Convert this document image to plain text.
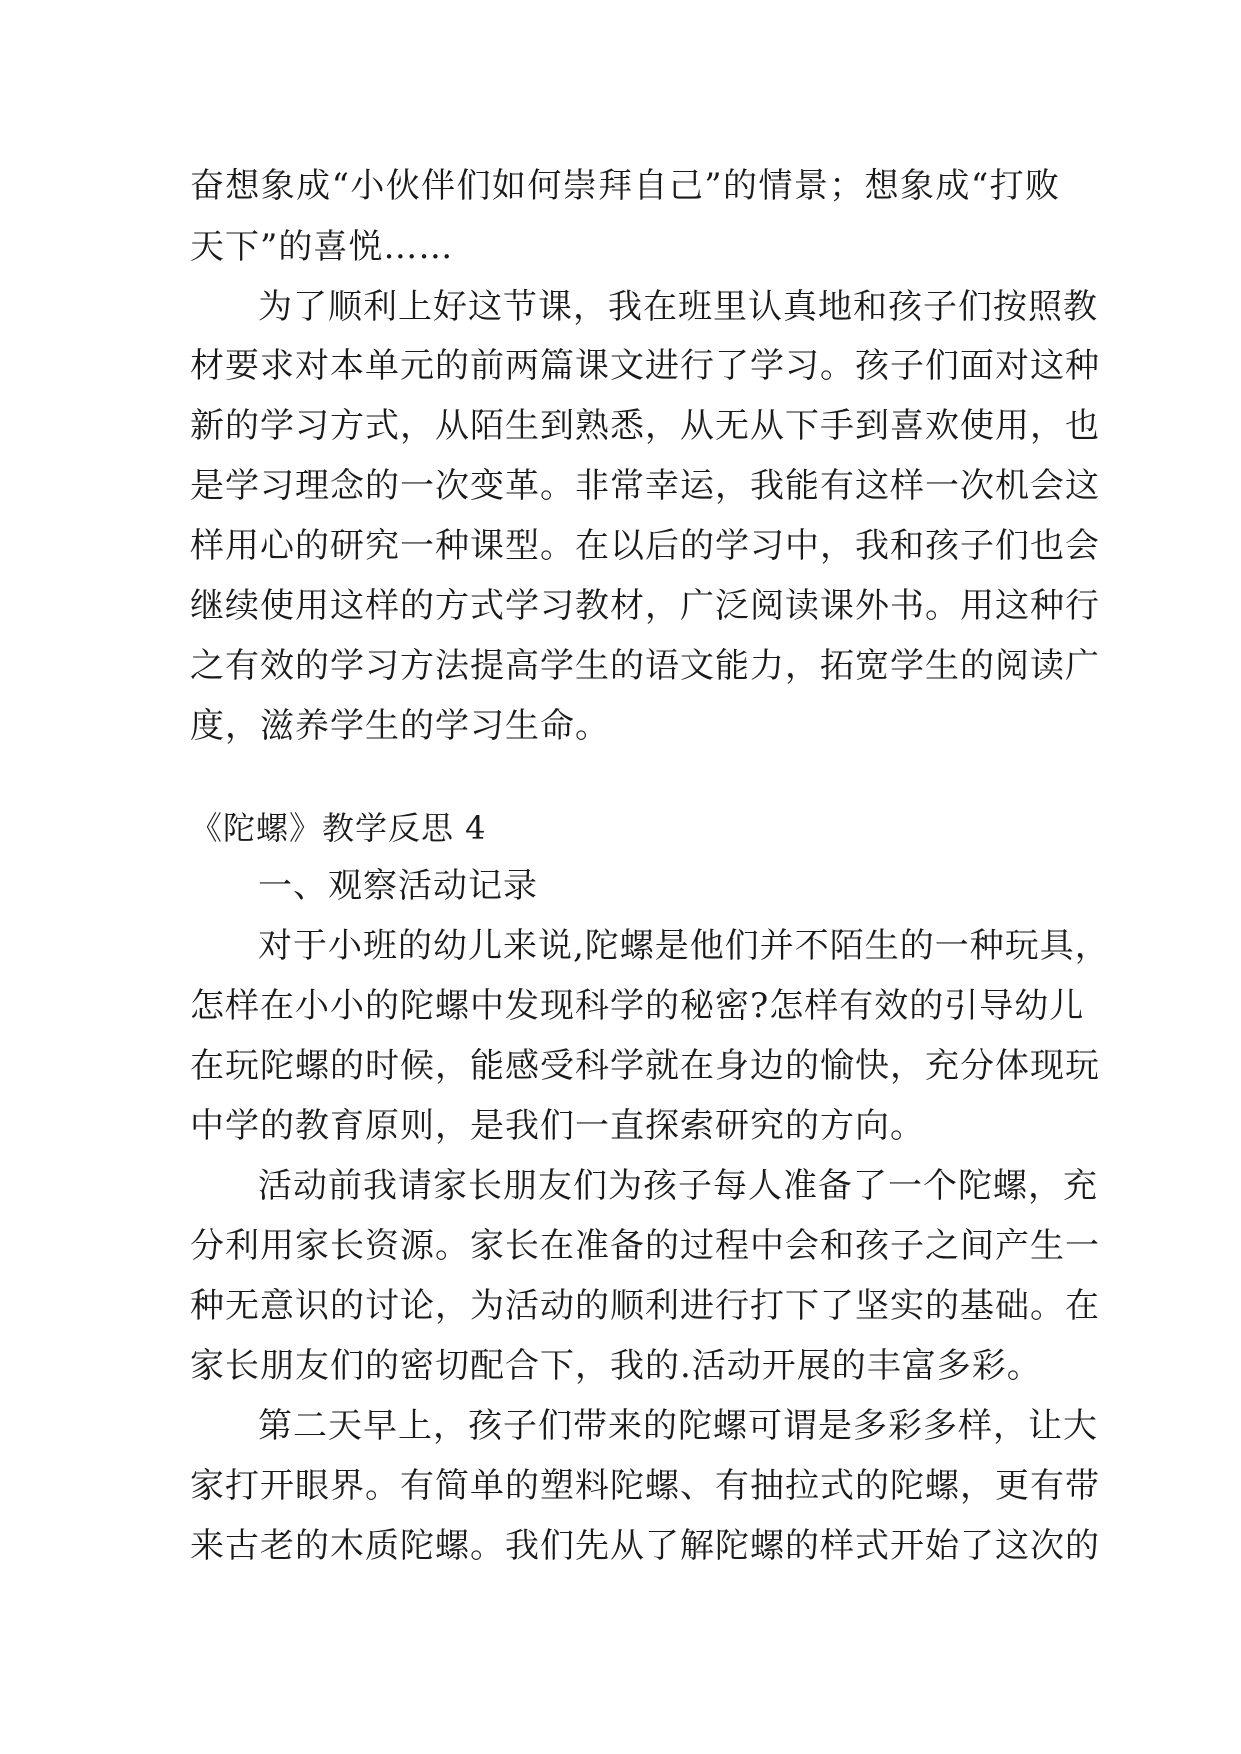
奋想象成“小伙伴们如何崇拜自己”的情景；想象成“打败
天下”的喜悦……
为了顺利上好这节课，我在班里认真地和孩子们按照教
材要求对本单元的前两篇课文进行了学习。孩子们面对这种
新的学习方式，从陌生到熟悉，从无从下手到喜欢使用，也
是学习理念的一次变革。非常幸运，我能有这样一次机会这
样用心的研究一种课型。在以后的学习中，我和孩子们也会
继续使用这样的方式学习教材，广泛阅读课外书。用这种行
之有效的学习方法提高学生的语文能力，拓宽学生的阅读广
度，滋养学生的学习生命。
《陀螺》教学反思 4
一、观察活动记录
对于小班的幼儿来说,陀螺是他们并不陌生的一种玩具，
怎样在小小的陀螺中发现科学的秘密?怎样有效的引导幼儿
在玩陀螺的时候，能感受科学就在身边的愉快，充分体现玩
中学的教育原则，是我们一直探索研究的方向。
活动前我请家长朋友们为孩子每人准备了一个陀螺，充
分利用家长资源。家长在准备的过程中会和孩子之间产生一
种无意识的讨论，为活动的顺利进行打下了坚实的基础。在
家长朋友们的密切配合下，我的.活动开展的丰富多彩。
第二天早上，孩子们带来的陀螺可谓是多彩多样，让大
家打开眼界。有简单的塑料陀螺、有抽拉式的陀螺，更有带
来古老的木质陀螺。我们先从了解陀螺的样式开始了这次的
